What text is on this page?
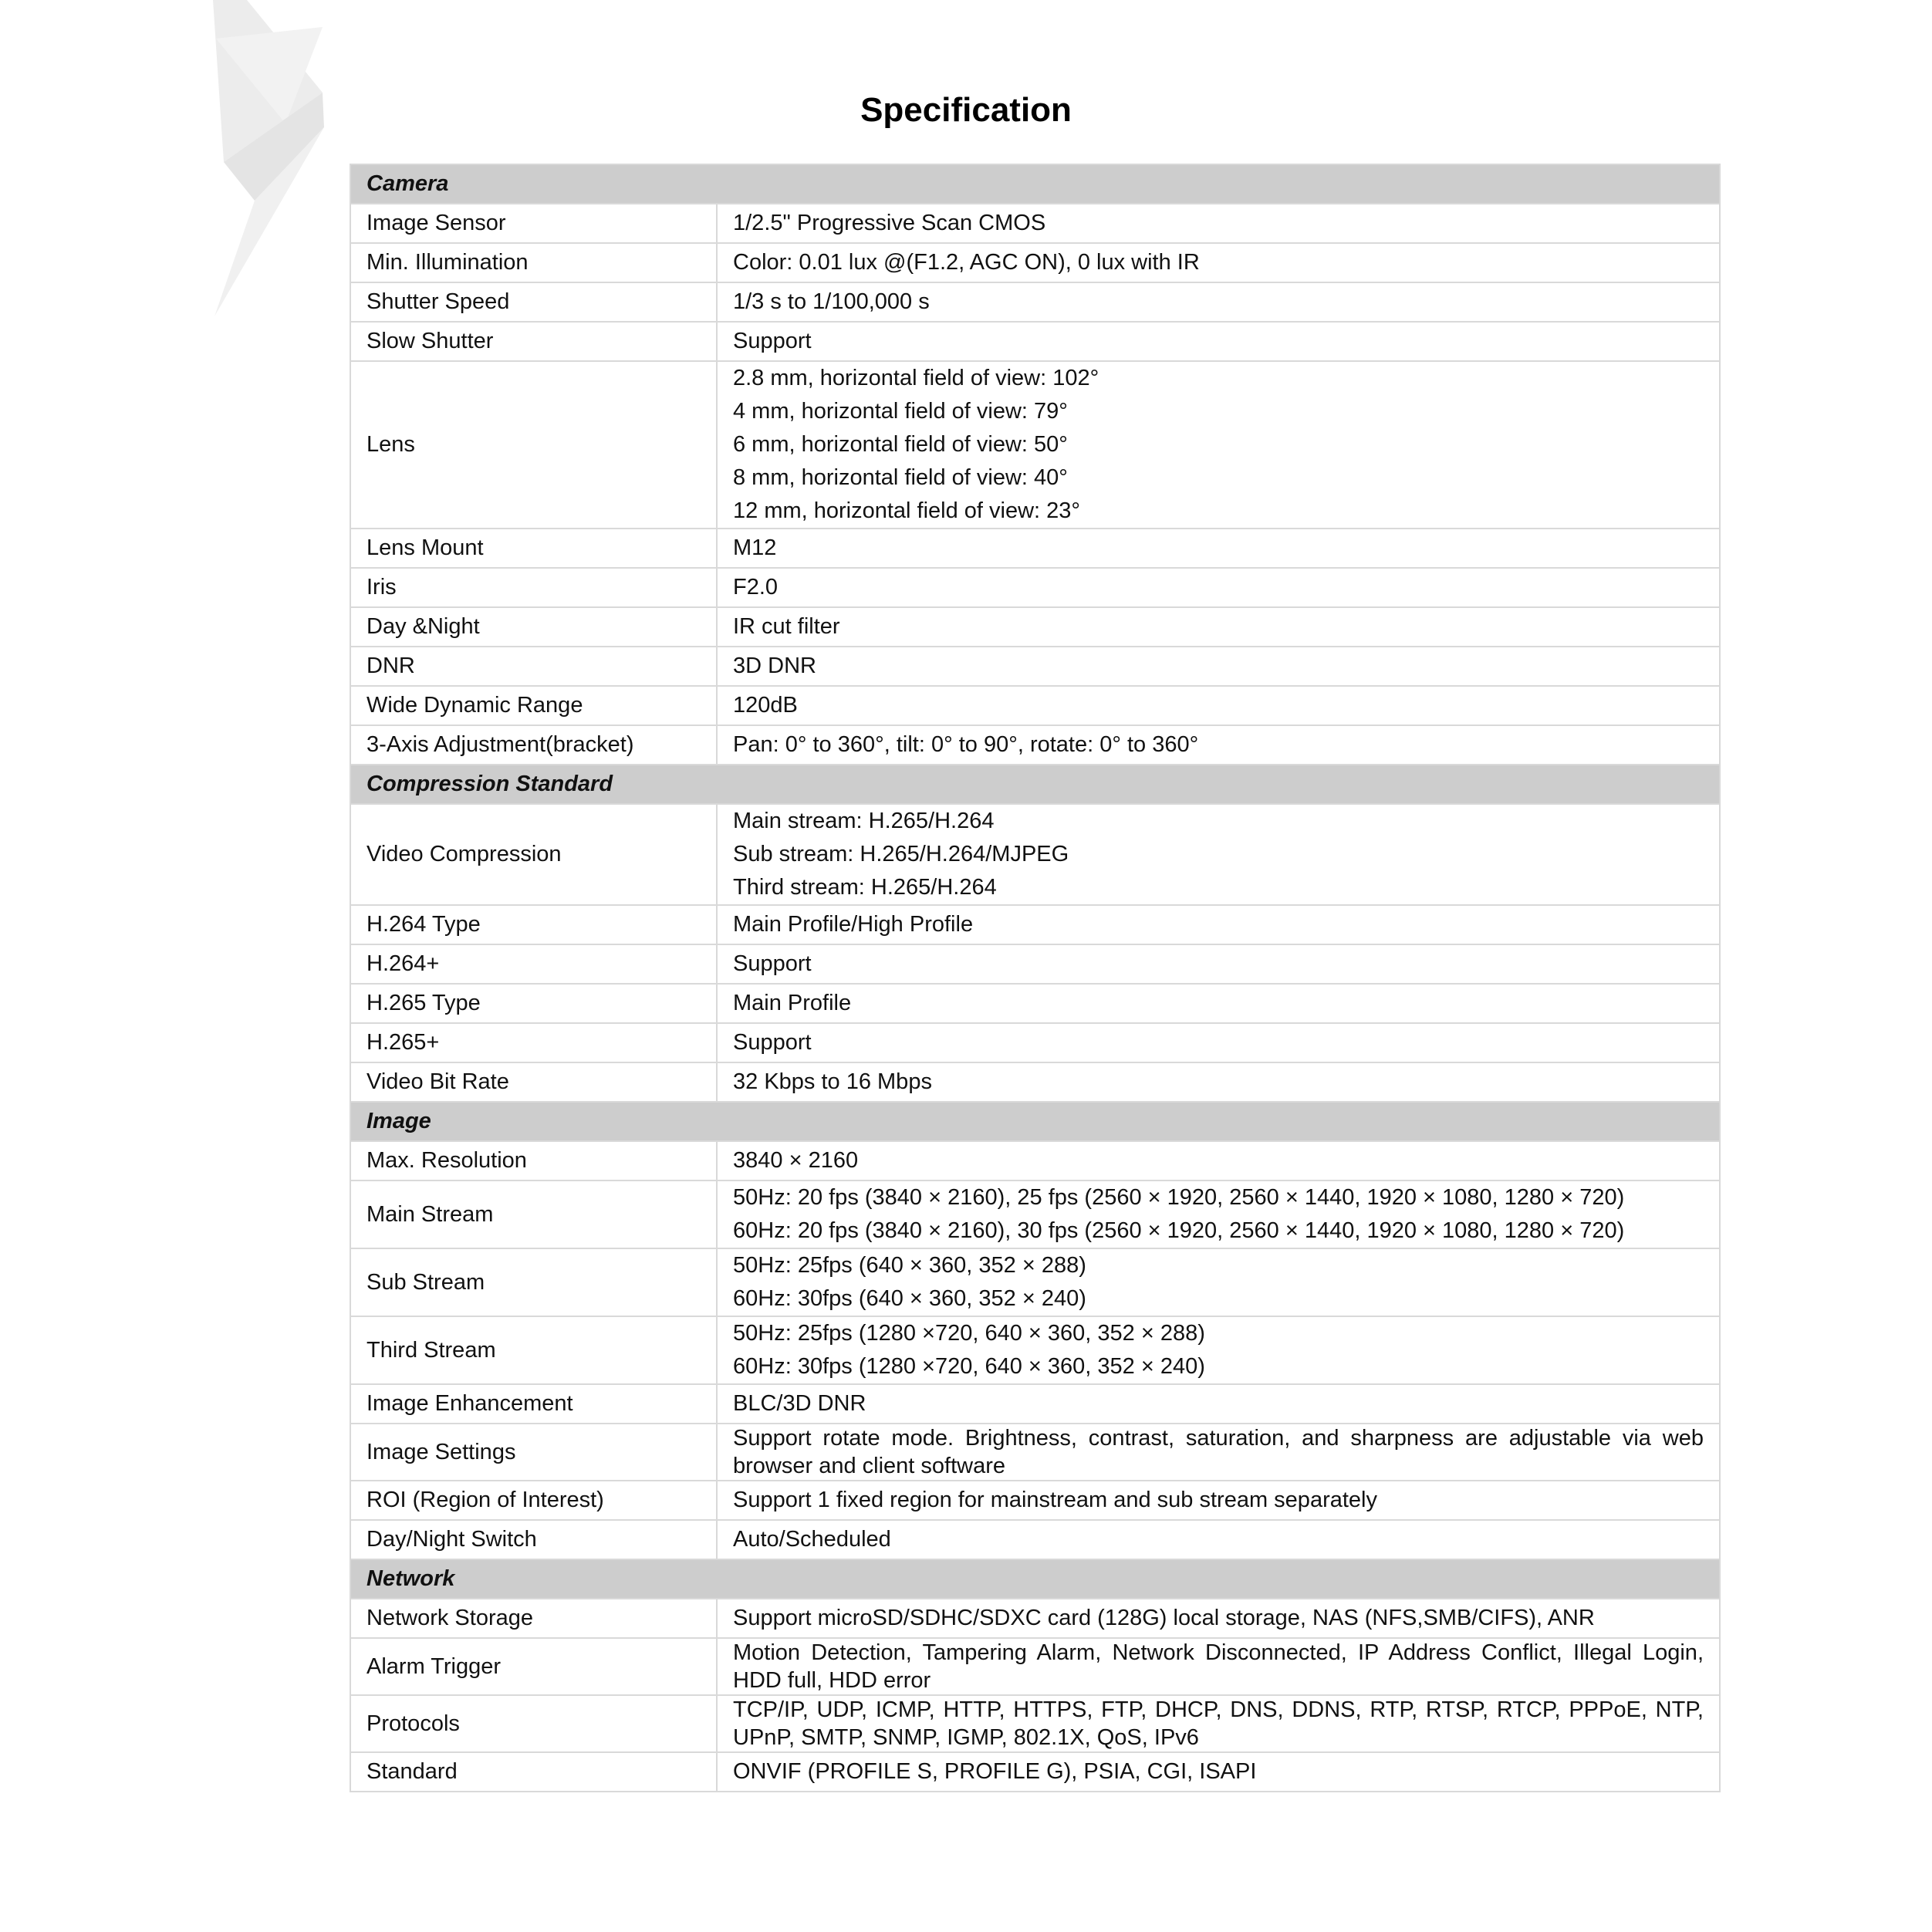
Specification
Camera	
Image Sensor	1/2.5" Progressive Scan CMOS

Min. Illumination	Color: 0.01 lux @(F1.2, AGC ON), 0 lux with IR

Shutter Speed	1/3 s to 1/100,000 s

Slow Shutter	Support

Lens	2.8 mm, horizontal field of view: 102°
4 mm, horizontal field of view: 79°
6 mm, horizontal field of view: 50°
8 mm, horizontal field of view: 40°
12 mm, horizontal field of view: 23°

Lens Mount	M12

Iris	F2.0

Day &Night	IR cut filter

DNR	3D DNR

Wide Dynamic Range	120dB

3-Axis Adjustment(bracket)	Pan: 0° to 360°, tilt: 0° to 90°, rotate: 0° to 360°

Compression Standard	
Video Compression	Main stream: H.265/H.264
Sub stream: H.265/H.264/MJPEG
Third stream: H.265/H.264

H.264 Type	Main Profile/High Profile

H.264+	Support

H.265 Type	Main Profile

H.265+	Support

Video Bit Rate	32 Kbps to 16 Mbps

Image	
Max. Resolution	3840 × 2160

Main Stream	50Hz: 20 fps (3840 × 2160), 25 fps (2560 × 1920, 2560 × 1440, 1920 × 1080, 1280 × 720)
60Hz: 20 fps (3840 × 2160), 30 fps (2560 × 1920, 2560 × 1440, 1920 × 1080, 1280 × 720)

Sub Stream	50Hz: 25fps (640 × 360, 352 × 288)
60Hz: 30fps (640 × 360, 352 × 240)

Third Stream	50Hz: 25fps (1280 ×720, 640 × 360, 352 × 288)
60Hz: 30fps (1280 ×720, 640 × 360, 352 × 240)

Image Enhancement	BLC/3D DNR

Image Settings	Support rotate mode. Brightness, contrast, saturation, and sharpness are adjustable via web browser and client software

ROI (Region of Interest)	Support 1 fixed region for mainstream and sub stream separately

Day/Night Switch	Auto/Scheduled

Network	
Network Storage	Support microSD/SDHC/SDXC card (128G) local storage, NAS (NFS,SMB/CIFS), ANR

Alarm Trigger	Motion Detection, Tampering Alarm, Network Disconnected, IP Address Conflict, Illegal Login, HDD full, HDD error

Protocols	TCP/IP, UDP, ICMP, HTTP, HTTPS, FTP, DHCP, DNS, DDNS, RTP, RTSP, RTCP, PPPoE, NTP, UPnP, SMTP, SNMP, IGMP, 802.1X, QoS, IPv6

Standard	ONVIF (PROFILE S, PROFILE G), PSIA, CGI, ISAPI
